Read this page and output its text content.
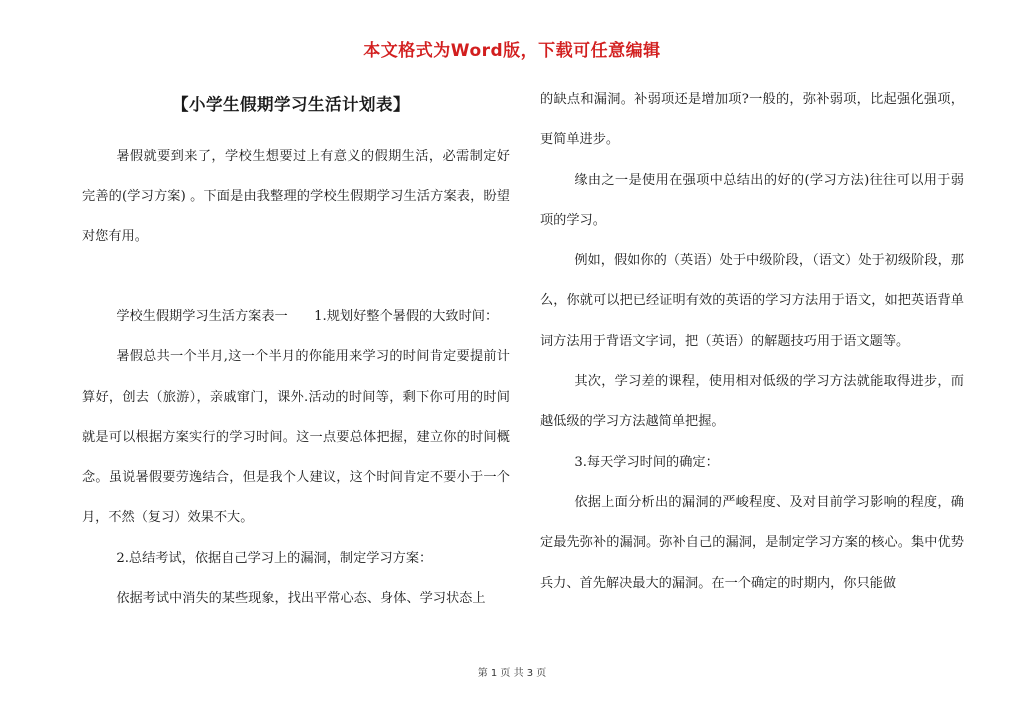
本文格式为Word版，下载可任意编辑
【小学生假期学习生活计划表】

暑假就要到来了，学校生想要过上有意义的假期生活，必需制定好完善的(学习方案) 。下面是由我整理的学校生假期学习生活方案表，盼望对您有用。

学校生假期学习生活方案表一　　1.规划好整个暑假的大致时间：

暑假总共一个半月,这一个半月的你能用来学习的时间肯定要提前计算好，创去（旅游），亲戚窜门，课外.活动的时间等，剩下你可用的时间就是可以根据方案实行的学习时间。这一点要总体把握，建立你的时间概念。虽说暑假要劳逸结合，但是我个人建议，这个时间肯定不要小于一个月，不然（复习）效果不大。

2.总结考试，依据自己学习上的漏洞，制定学习方案：

依据考试中消失的某些现象，找出平常心态、身体、学习状态上

的缺点和漏洞。补弱项还是增加项?一般的，弥补弱项，比起强化强项，更简单进步。

缘由之一是使用在强项中总结出的好的(学习方法)往往可以用于弱项的学习。

例如，假如你的（英语）处于中级阶段，（语文）处于初级阶段，那么，你就可以把已经证明有效的英语的学习方法用于语文，如把英语背单词方法用于背语文字词，把（英语）的解题技巧用于语文题等。

其次，学习差的课程，使用相对低级的学习方法就能取得进步，而越低级的学习方法越简单把握。

3.每天学习时间的确定：

依据上面分析出的漏洞的严峻程度、及对目前学习影响的程度，确定最先弥补的漏洞。弥补自己的漏洞，是制定学习方案的核心。集中优势兵力、首先解决最大的漏洞。在一个确定的时期内，你只能做

第 1 页 共 3 页
